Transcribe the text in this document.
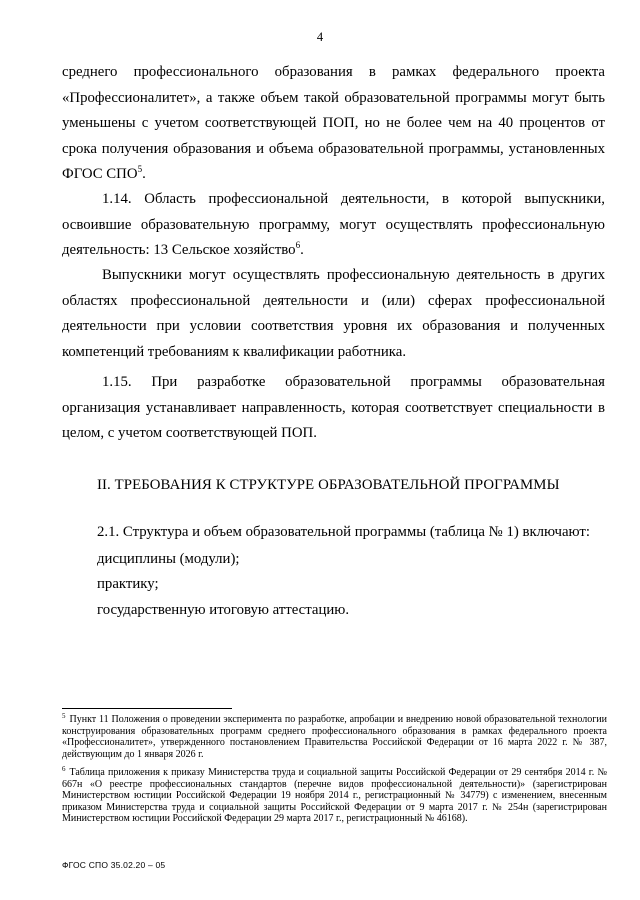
4

среднего профессионального образования в рамках федерального проекта «Профессионалитет», а также объем такой образовательной программы могут быть уменьшены с учетом соответствующей ПОП, но не более чем на 40 процентов от срока получения образования и объема образовательной программы, установленных ФГОС СПО$^5$.

1.14. Область профессиональной деятельности, в которой выпускники, освоившие образовательную программу, могут осуществлять профессиональную деятельность: 13 Сельское хозяйство$^6$.

Выпускники могут осуществлять профессиональную деятельность в других областях профессиональной деятельности и (или) сферах профессиональной деятельности при условии соответствия уровня их образования и полученных компетенций требованиям к квалификации работника.

1.15. При разработке образовательной программы образовательная организация устанавливает направленность, которая соответствует специальности в целом, с учетом соответствующей ПОП.

II. ТРЕБОВАНИЯ К СТРУКТУРЕ ОБРАЗОВАТЕЛЬНОЙ ПРОГРАММЫ

2.1. Структура и объем образовательной программы (таблица № 1) включают:

дисциплины (модули);

практику;

государственную итоговую аттестацию.

$^5$ Пункт 11 Положения о проведении эксперимента по разработке, апробации и внедрению новой образовательной технологии конструирования образовательных программ среднего профессионального образования в рамках федерального проекта «Профессионалитет», утвержденного постановлением Правительства Российской Федерации от 16 марта 2022 г. № 387, действующим до 1 января 2026 г.

$^6$ Таблица приложения к приказу Министерства труда и социальной защиты Российской Федерации от 29 сентября 2014 г. № 667н «О реестре профессиональных стандартов (перечне видов профессиональной деятельности)» (зарегистрирован Министерством юстиции Российской Федерации 19 ноября 2014 г., регистрационный № 34779) с изменением, внесенным приказом Министерства труда и социальной защиты Российской Федерации от 9 марта 2017 г. № 254н (зарегистрирован Министерством юстиции Российской Федерации 29 марта 2017 г., регистрационный № 46168).

ФГОС СПО 35.02.20 – 05
